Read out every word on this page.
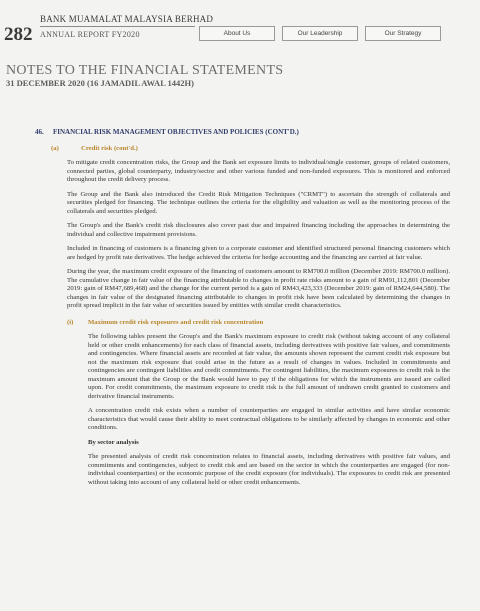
282
BANK MUAMALAT MALAYSIA BERHAD
ANNUAL REPORT FY2020	About Us	Our Leadership	Our Strategy
NOTES TO THE FINANCIAL STATEMENTS
31 DECEMBER 2020 (16 JAMADIL AWAL 1442H)
46.	FINANCIAL RISK MANAGEMENT OBJECTIVES AND POLICIES (CONT'D.)
(a)	Credit risk (cont'd.)

To mitigate credit concentration risks, the Group and the Bank set exposure limits to individual/single customer, groups of related customers, connected parties, global counterparty, industry/sector and other various funded and non-funded exposures. This is monitored and enforced throughout the credit delivery process.

The Group and the Bank also introduced the Credit Risk Mitigation Techniques ("CRMT") to ascertain the strength of collaterals and securities pledged for financing. The technique outlines the criteria for the eligibility and valuation as well as the monitoring process of the collaterals and securities pledged.

The Group's and the Bank's credit risk disclosures also cover past due and impaired financing including the approaches in determining the individual and collective impairment provisions.

Included in financing of customers is a financing given to a corporate customer and identified structured personal financing customers which are hedged by profit rate derivatives. The hedge achieved the criteria for hedge accounting and the financing are carried at fair value.

During the year, the maximum credit exposure of the financing of customers amount to RM700.0 million (December 2019: RM700.0 million). The cumulative change in fair value of the financing attributable to changes in profit rate risks amount to a gain of RM91,112,801 (December 2019: gain of RM47,689,468) and the change for the current period is a gain of RM43,423,333 (December 2019: gain of RM24,644,580). The changes in fair value of the designated financing attributable to changes in profit risk have been calculated by determining the changes in profit spread implicit in the fair value of securities issued by entities with similar credit characteristics.

(i)	Maximum credit risk exposures and credit risk concentration

The following tables present the Group's and the Bank's maximum exposure to credit risk (without taking account of any collateral held or other credit enhancements) for each class of financial assets, including derivatives with positive fair values, and commitments and contingencies. Where financial assets are recorded at fair value, the amounts shown represent the current credit risk exposure but not the maximum risk exposure that could arise in the future as a result of changes in values. Included in commitments and contingencies are contingent liabilities and credit commitments. For contingent liabilities, the maximum exposures to credit risk is the maximum amount that the Group or the Bank would have to pay if the obligations for which the instruments are issued are called upon. For credit commitments, the maximum exposure to credit risk is the full amount of undrawn credit granted to customers and derivative financial instruments.

A concentration credit risk exists when a number of counterparties are engaged in similar activities and have similar economic characteristics that would cause their ability to meet contractual obligations to be similarly affected by changes in economic and other conditions.

By sector analysis

The presented analysis of credit risk concentration relates to financial assets, including derivatives with positive fair values, and commitments and contingencies, subject to credit risk and are based on the sector in which the counterparties are engaged (for non-individual counterparties) or the economic purpose of the credit exposure (for individuals). The exposures to credit risk are presented without taking into account of any collateral held or other credit enhancements.
